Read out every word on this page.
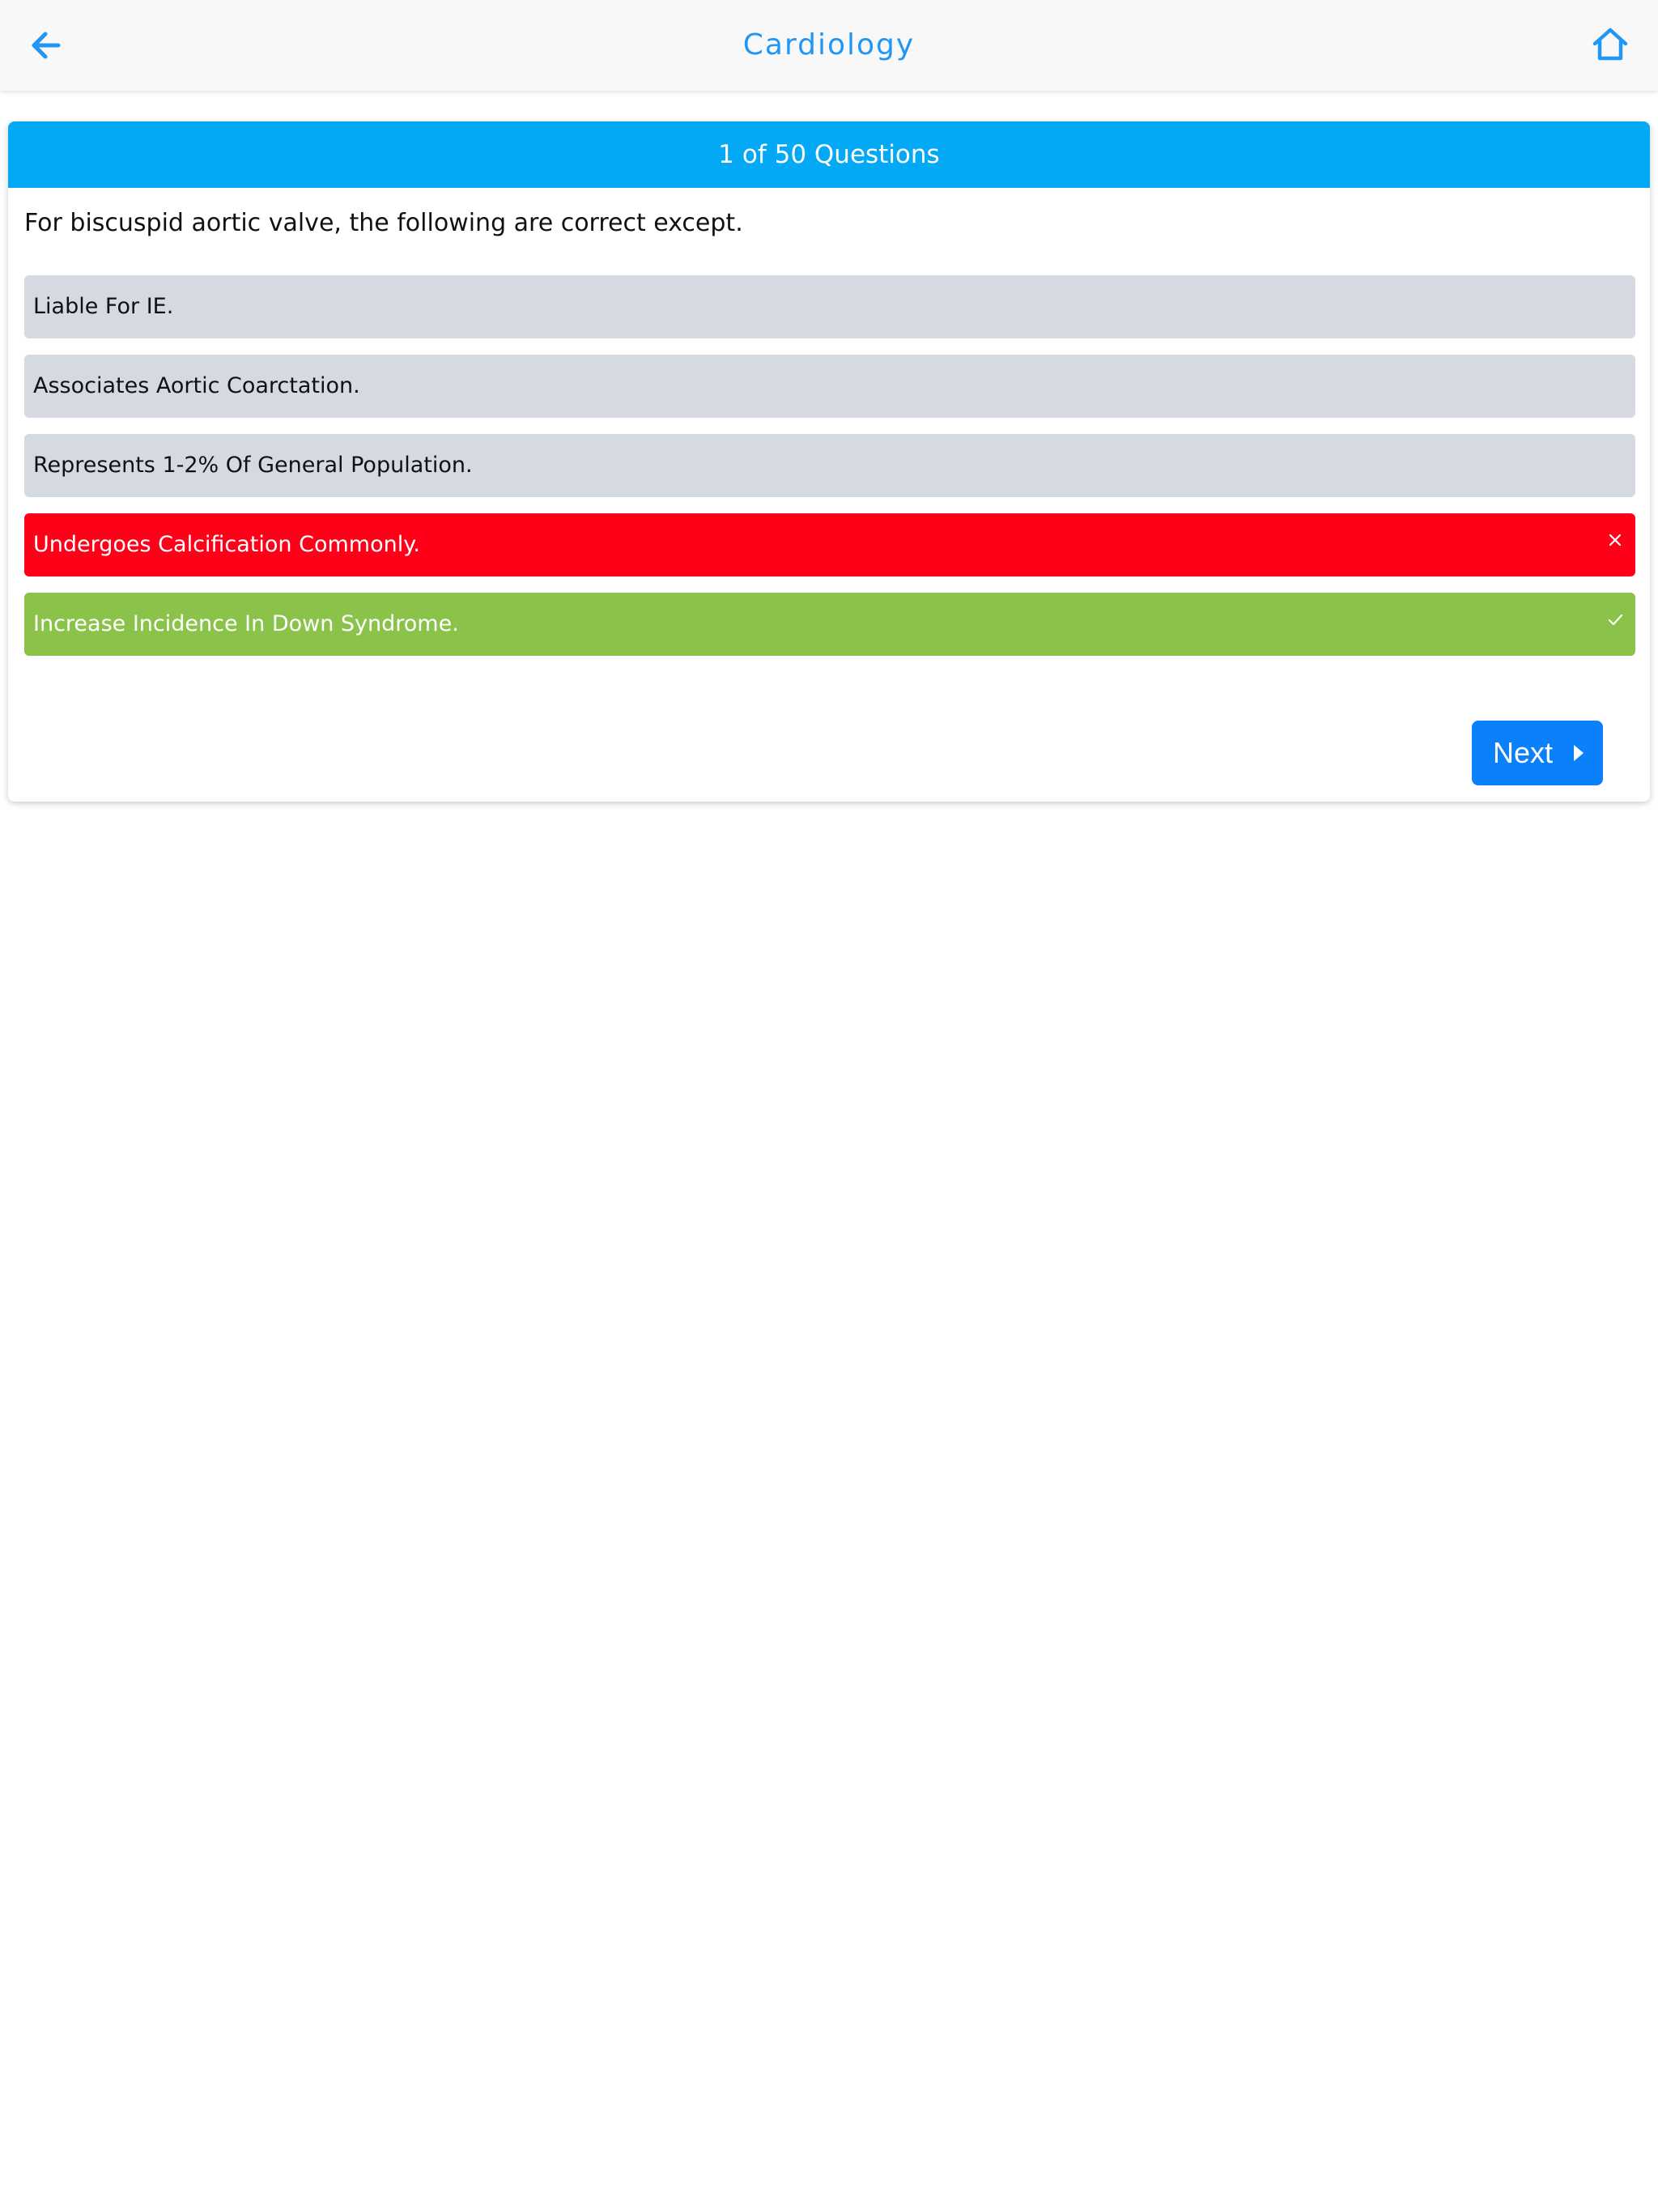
Cardiology
1 of 50 Questions
For biscuspid aortic valve, the following are correct except.
Liable For IE.
Associates Aortic Coarctation.
Represents 1-2% Of General Population.
Undergoes Calcification Commonly.
Increase Incidence In Down Syndrome.
Next
